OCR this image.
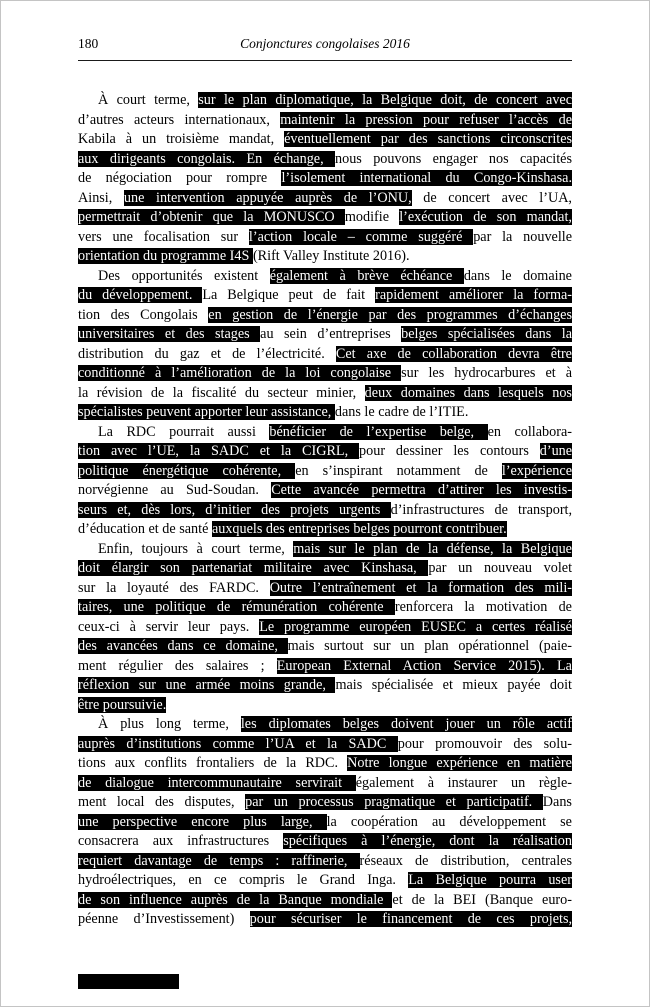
180	Conjonctures congolaises 2016
À court terme, sur le plan diplomatique, la Belgique doit, de concert avec
d’autres acteurs internationaux, maintenir la pression pour refuser l’accès de
Kabila à un troisième mandat, éventuellement par des sanctions circonscrites
aux dirigeants congolais. En échange, nous pouvons engager nos capacités
de négociation pour rompre l’isolement international du Congo-Kinshasa.
Ainsi, une intervention appuyée auprès de l’ONU, de concert avec l’UA,
permettrait d’obtenir que la MONUSCO modifie l’exécution de son mandat,
vers une focalisation sur l’action locale – comme suggéré par la nouvelle
orientation du programme I4S (Rift Valley Institute 2016).
Des opportunités existent également à brève échéance dans le domaine
du développement. La Belgique peut de fait rapidement améliorer la forma-
tion des Congolais en gestion de l’énergie par des programmes d’échanges
universitaires et des stages au sein d’entreprises belges spécialisées dans la
distribution du gaz et de l’électricité. Cet axe de collaboration devra être
conditionné à l’amélioration de la loi congolaise sur les hydrocarbures et à
la révision de la fiscalité du secteur minier, deux domaines dans lesquels nos
spécialistes peuvent apporter leur assistance, dans le cadre de l’ITIE.
La RDC pourrait aussi bénéficier de l’expertise belge, en collabora-
tion avec l’UE, la SADC et la CIGRL, pour dessiner les contours d’une
politique énergétique cohérente, en s’inspirant notamment de l’expérience
norvégienne au Sud-Soudan. Cette avancée permettra d’attirer les investis-
seurs et, dès lors, d’initier des projets urgents d’infrastructures de transport,
d’éducation et de santé auxquels des entreprises belges pourront contribuer.
Enfin, toujours à court terme, mais sur le plan de la défense, la Belgique
doit élargir son partenariat militaire avec Kinshasa, par un nouveau volet
sur la loyauté des FARDC. Outre l’entraînement et la formation des mili-
taires, une politique de rémunération cohérente renforcera la motivation de
ceux-ci à servir leur pays. Le programme européen EUSEC a certes réalisé
des avancées dans ce domaine, mais surtout sur un plan opérationnel (paie-
ment régulier des salaires ; European External Action Service 2015). La
réflexion sur une armée moins grande, mais spécialisée et mieux payée doit
être poursuivie.
À plus long terme, les diplomates belges doivent jouer un rôle actif
auprès d’institutions comme l’UA et la SADC pour promouvoir des solu-
tions aux conflits frontaliers de la RDC. Notre longue expérience en matière
de dialogue intercommunautaire servirait également à instaurer un règle-
ment local des disputes, par un processus pragmatique et participatif. Dans
une perspective encore plus large, la coopération au développement se
consacrera aux infrastructures spécifiques à l’énergie, dont la réalisation
requiert davantage de temps : raffinerie, réseaux de distribution, centrales
hydroélectriques, en ce compris le Grand Inga. La Belgique pourra user
de son influence auprès de la Banque mondiale et de la BEI (Banque euro-
péenne d’Investissement) pour sécuriser le financement de ces projets,
